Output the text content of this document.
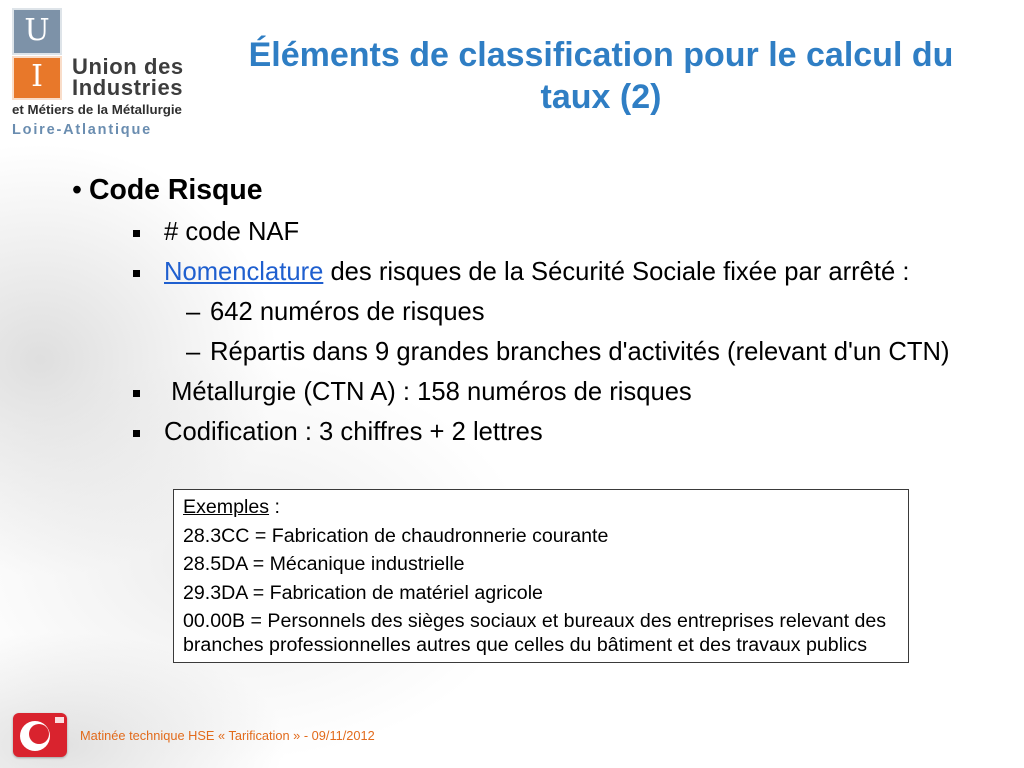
U
I	Union des
Industries
et Métiers de la Métallurgie
Loire-Atlantique
Éléments de classification pour le calcul du
taux (2)
• Code Risque
# code NAF
Nomenclature des risques de la Sécurité Sociale fixée par arrêté :
– 642 numéros de risques
– Répartis dans 9 grandes branches d'activités (relevant d'un CTN)
Métallurgie (CTN A) : 158 numéros de risques
Codification : 3 chiffres + 2 lettres

Exemples :

28.3CC = Fabrication de chaudronnerie courante

28.5DA = Mécanique industrielle

29.3DA = Fabrication de matériel agricole

00.00B = Personnels des sièges sociaux et bureaux des entreprises relevant des branches professionnelles autres que celles du bâtiment et des travaux publics

Matinée technique HSE « Tarification » - 09/11/2012
